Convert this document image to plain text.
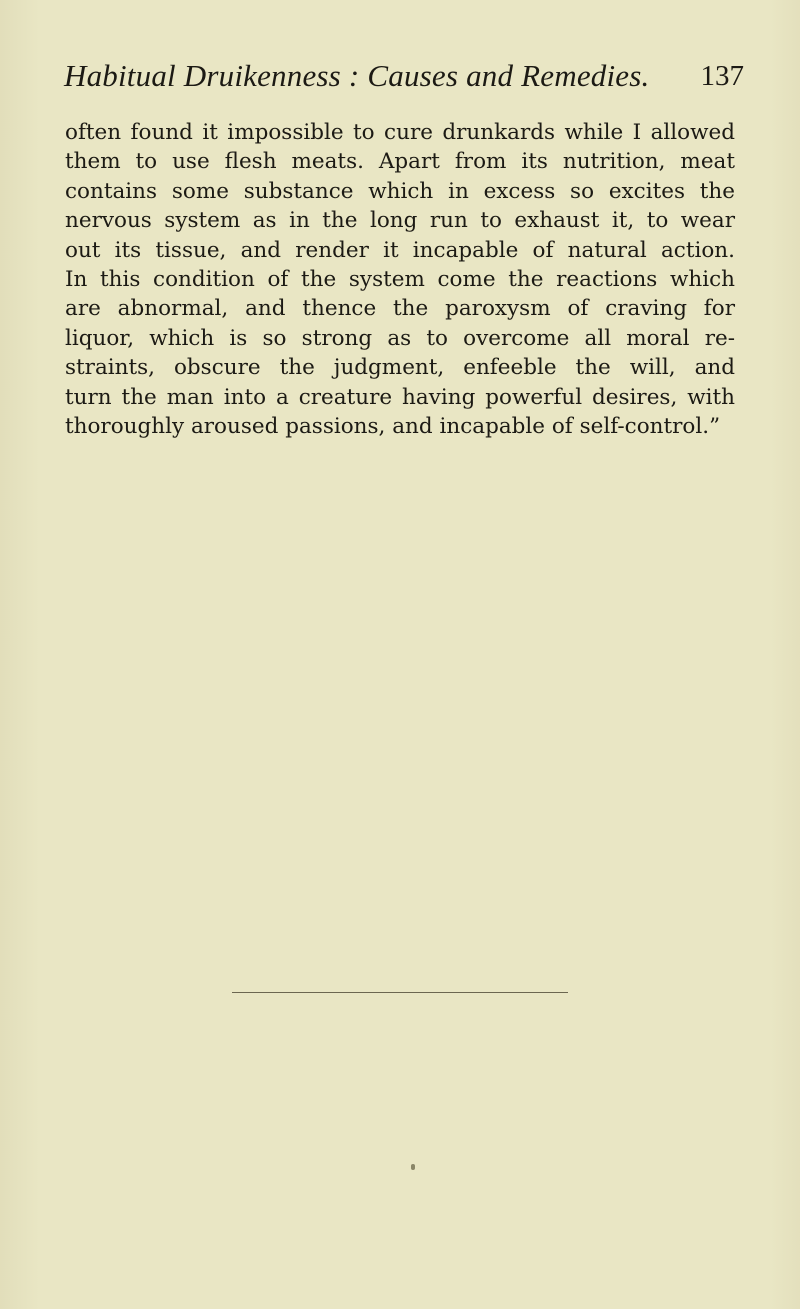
Habitual Druikenness : Causes and Remedies. 137
often found it impossible to cure drunkards while I allowed
them to use flesh meats. Apart from its nutrition, meat
contains some substance which in excess so excites the
nervous system as in the long run to exhaust it, to wear
out its tissue, and render it incapable of natural action.
In this condition of the system come the reactions which
are abnormal, and thence the paroxysm of craving for
liquor, which is so strong as to overcome all moral re-
straints, obscure the judgment, enfeeble the will, and
turn the man into a creature having powerful desires, with
thoroughly aroused passions, and incapable of self-control.”
